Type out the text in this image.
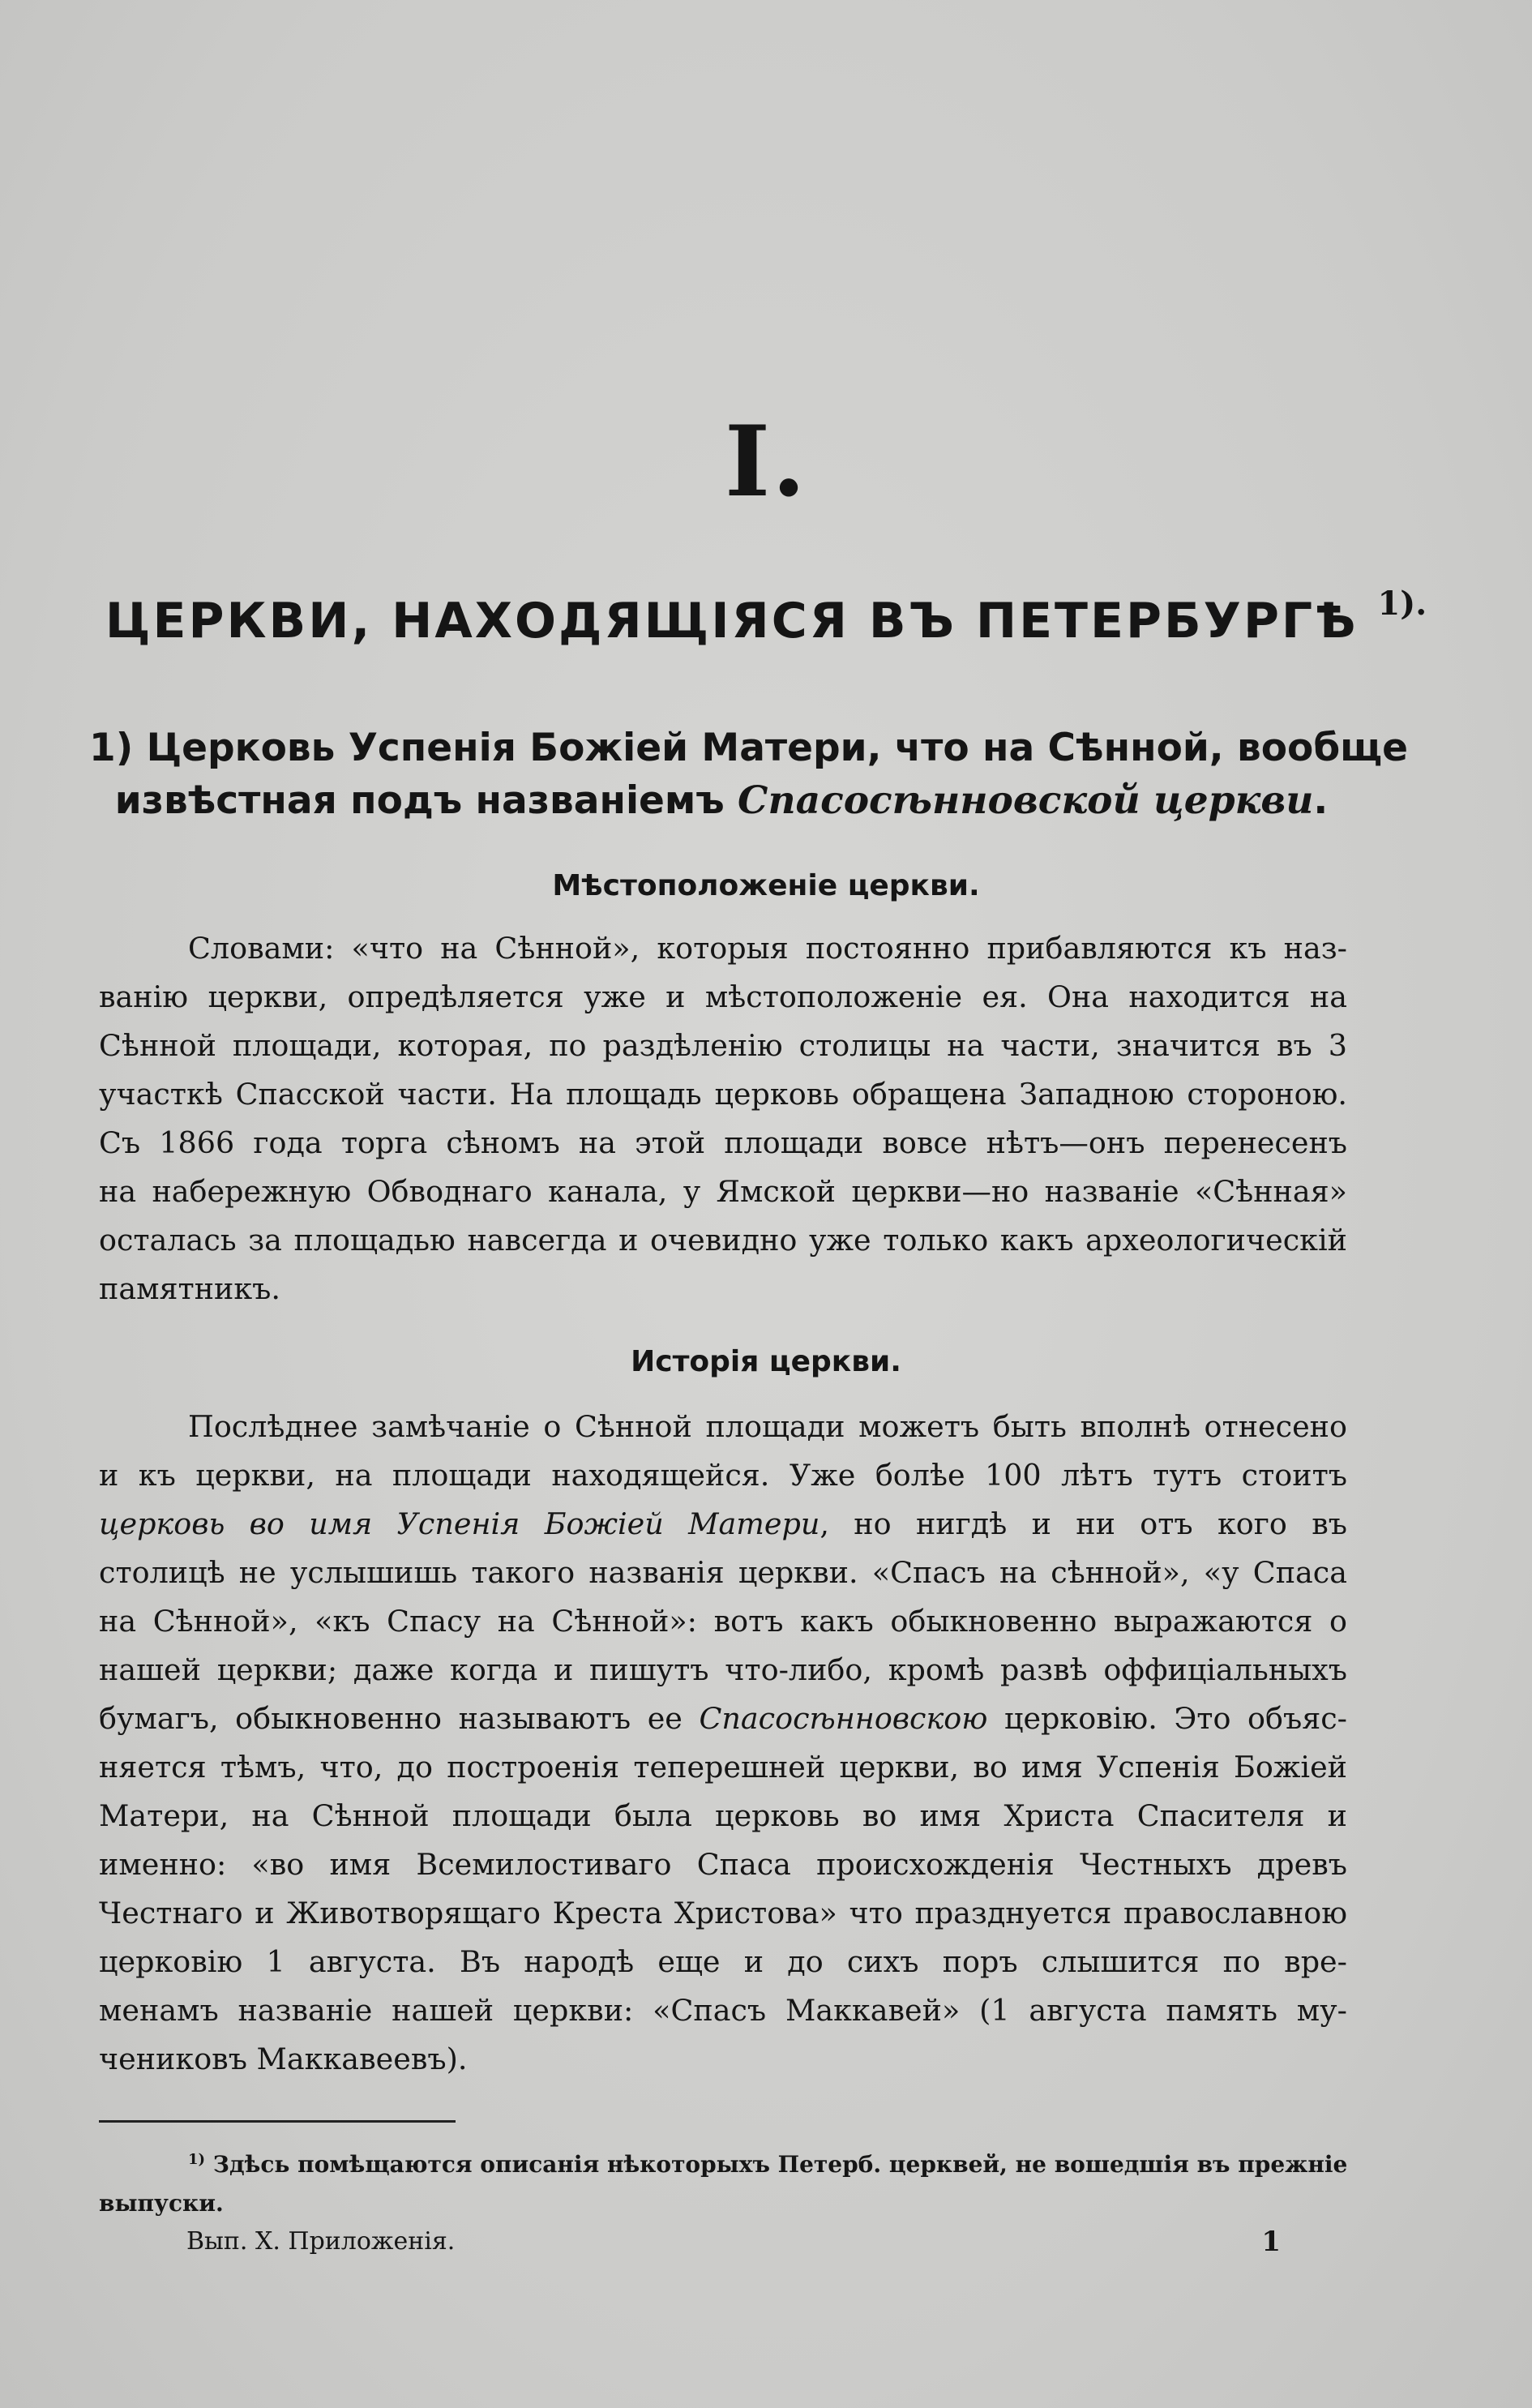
I.
ЦЕРКВИ, НАХОДЯЩІЯСЯ ВЪ ПЕТЕРБУРГѢ $^{1).}$
1) Церковь Успенія Божіей Матери, что на Сѣнной, вообще
извѣстная подъ названіемъ Спасосѣнновской церкви.
Мѣстоположеніе церкви.
Словами: «что на Сѣнной», которыя постоянно прибавляются къ наз-
ванію церкви, опредѣляется уже и мѣстоположеніе ея. Она находится на
Сѣнной площади, которая, по раздѣленію столицы на части, значится въ 3
участкѣ Спасской части. На площадь церковь обращена Западною стороною.
Съ 1866 года торга сѣномъ на этой площади вовсе нѣтъ—онъ перенесенъ
на набережную Обводнаго канала, у Ямской церкви—но названіе «Сѣнная»
осталась за площадью навсегда и очевидно уже только какъ археологическій
памятникъ.
Исторія церкви.
Послѣднее замѣчаніе о Сѣнной площади можетъ быть вполнѣ отнесено
и къ церкви, на площади находящейся. Уже болѣе 100 лѣтъ тутъ стоитъ
церковь во имя Успенія Божіей Матери, но нигдѣ и ни отъ кого въ
столицѣ не услышишь такого названія церкви. «Спасъ на сѣнной», «у Спаса
на Сѣнной», «къ Спасу на Сѣнной»: вотъ какъ обыкновенно выражаются о
нашей церкви; даже когда и пишутъ что-либо, кромѣ развѣ оффиціальныхъ
бумагъ, обыкновенно называютъ ее Спасосѣнновскою церковію. Это объяс-
няется тѣмъ, что, до построенія теперешней церкви, во имя Успенія Божіей
Матери, на Сѣнной площади была церковь во имя Христа Спасителя и
именно: «во имя Всемилостиваго Спаса происхожденія Честныхъ древъ
Честнаго и Животворящаго Креста Христова» что празднуется православною
церковію 1 августа. Въ народѣ еще и до сихъ поръ слышится по вре-
менамъ названіе нашей церкви: «Спасъ Маккавей» (1 августа память му-
чениковъ Маккавеевъ).
$^{1)}$ Здѣсь помѣщаются описанія нѣкоторыхъ Петерб. церквей, не вошедшія въ прежніе
выпуски.
Вып. X. Приложенія.	1
